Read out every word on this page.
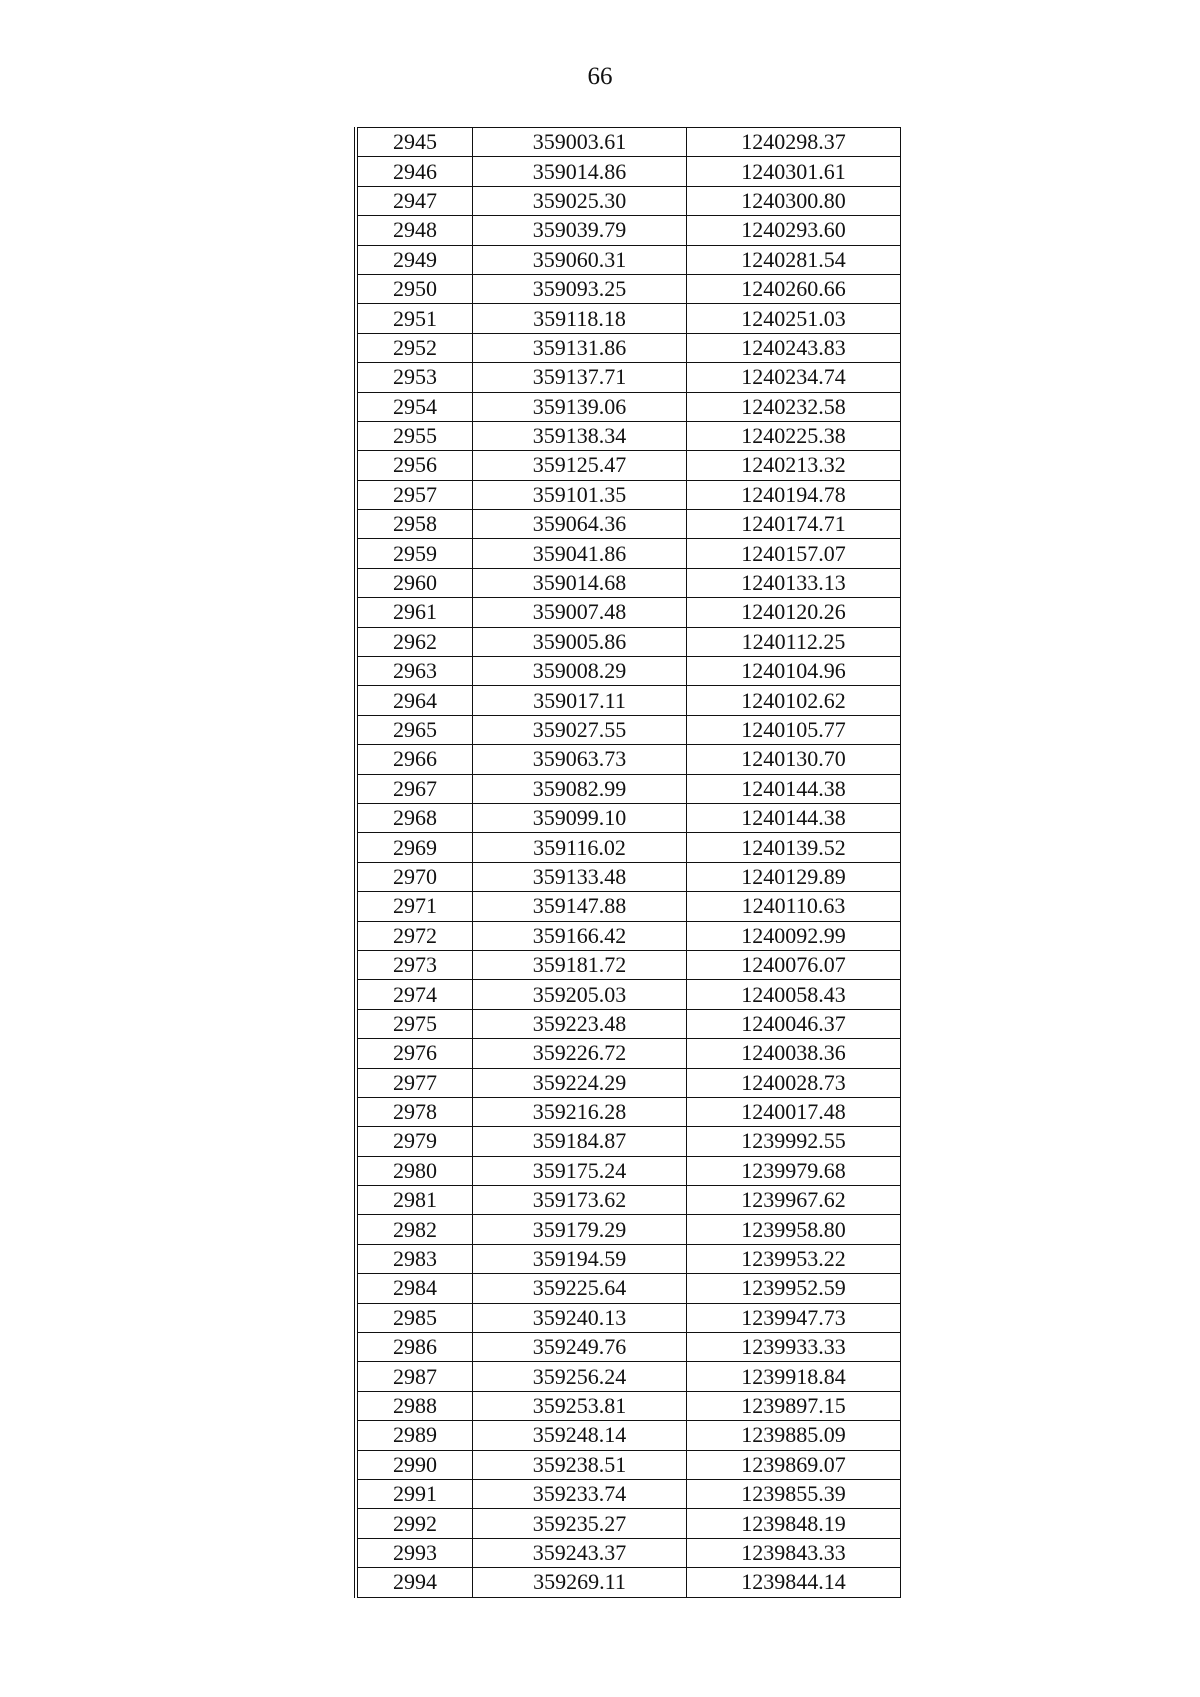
66
2945	359003.61	1240298.37
2946	359014.86	1240301.61
2947	359025.30	1240300.80
2948	359039.79	1240293.60
2949	359060.31	1240281.54
2950	359093.25	1240260.66
2951	359118.18	1240251.03
2952	359131.86	1240243.83
2953	359137.71	1240234.74
2954	359139.06	1240232.58
2955	359138.34	1240225.38
2956	359125.47	1240213.32
2957	359101.35	1240194.78
2958	359064.36	1240174.71
2959	359041.86	1240157.07
2960	359014.68	1240133.13
2961	359007.48	1240120.26
2962	359005.86	1240112.25
2963	359008.29	1240104.96
2964	359017.11	1240102.62
2965	359027.55	1240105.77
2966	359063.73	1240130.70
2967	359082.99	1240144.38
2968	359099.10	1240144.38
2969	359116.02	1240139.52
2970	359133.48	1240129.89
2971	359147.88	1240110.63
2972	359166.42	1240092.99
2973	359181.72	1240076.07
2974	359205.03	1240058.43
2975	359223.48	1240046.37
2976	359226.72	1240038.36
2977	359224.29	1240028.73
2978	359216.28	1240017.48
2979	359184.87	1239992.55
2980	359175.24	1239979.68
2981	359173.62	1239967.62
2982	359179.29	1239958.80
2983	359194.59	1239953.22
2984	359225.64	1239952.59
2985	359240.13	1239947.73
2986	359249.76	1239933.33
2987	359256.24	1239918.84
2988	359253.81	1239897.15
2989	359248.14	1239885.09
2990	359238.51	1239869.07
2991	359233.74	1239855.39
2992	359235.27	1239848.19
2993	359243.37	1239843.33
2994	359269.11	1239844.14
